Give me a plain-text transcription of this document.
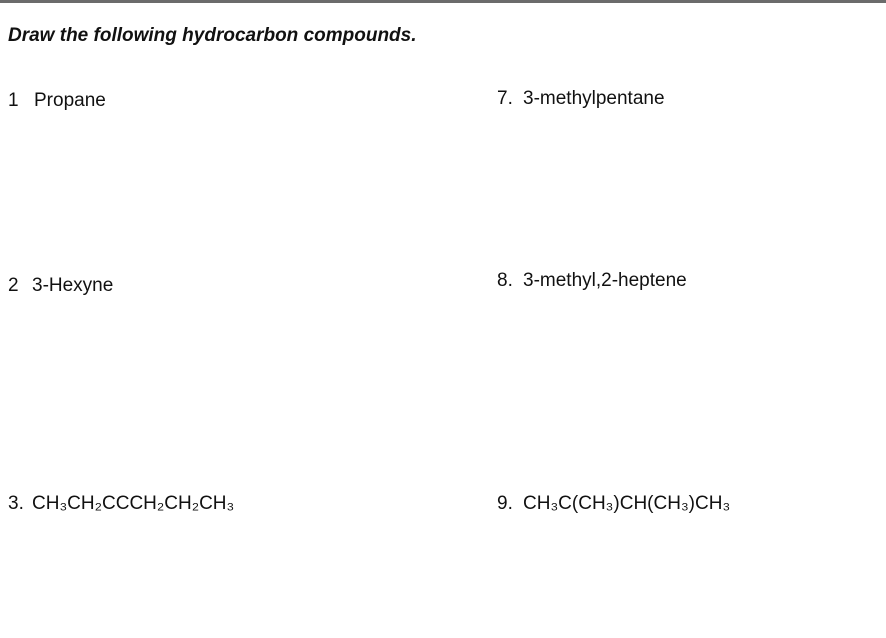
Draw the following hydrocarbon compounds.
1 Propane
2 3-Hexyne
3. CH₃CH₂CCCH₂CH₂CH₃
7. 3-methylpentane
8. 3-methyl,2-heptene
9. CH₃C(CH₃)CH(CH₃)CH₃
